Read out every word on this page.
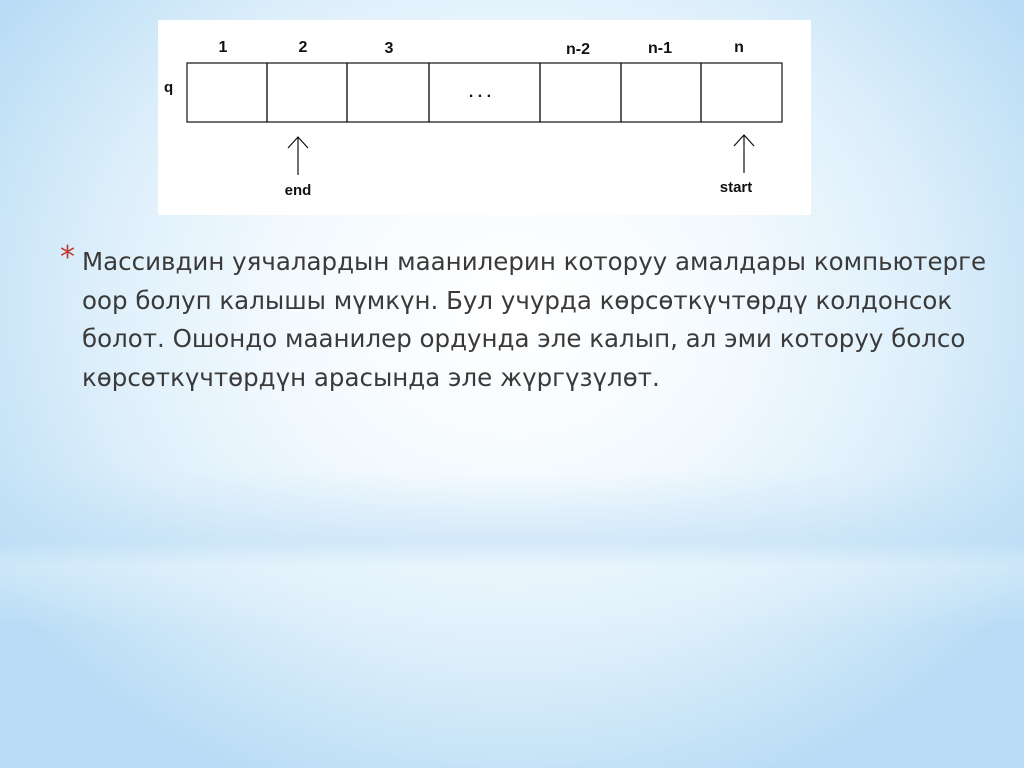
1	2	3	n-2	n-1	n
q	. . .
end	start
* Массивдин уячалардын маанилерин которуу амалдары компьютерге оор болуп калышы мүмкүн. Бул учурда көрсөткүчтөрдү колдонсок болот. Ошондо маанилер ордунда эле калып, ал эми которуу болсо көрсөткүчтөрдүн арасында эле жүргүзүлөт.
